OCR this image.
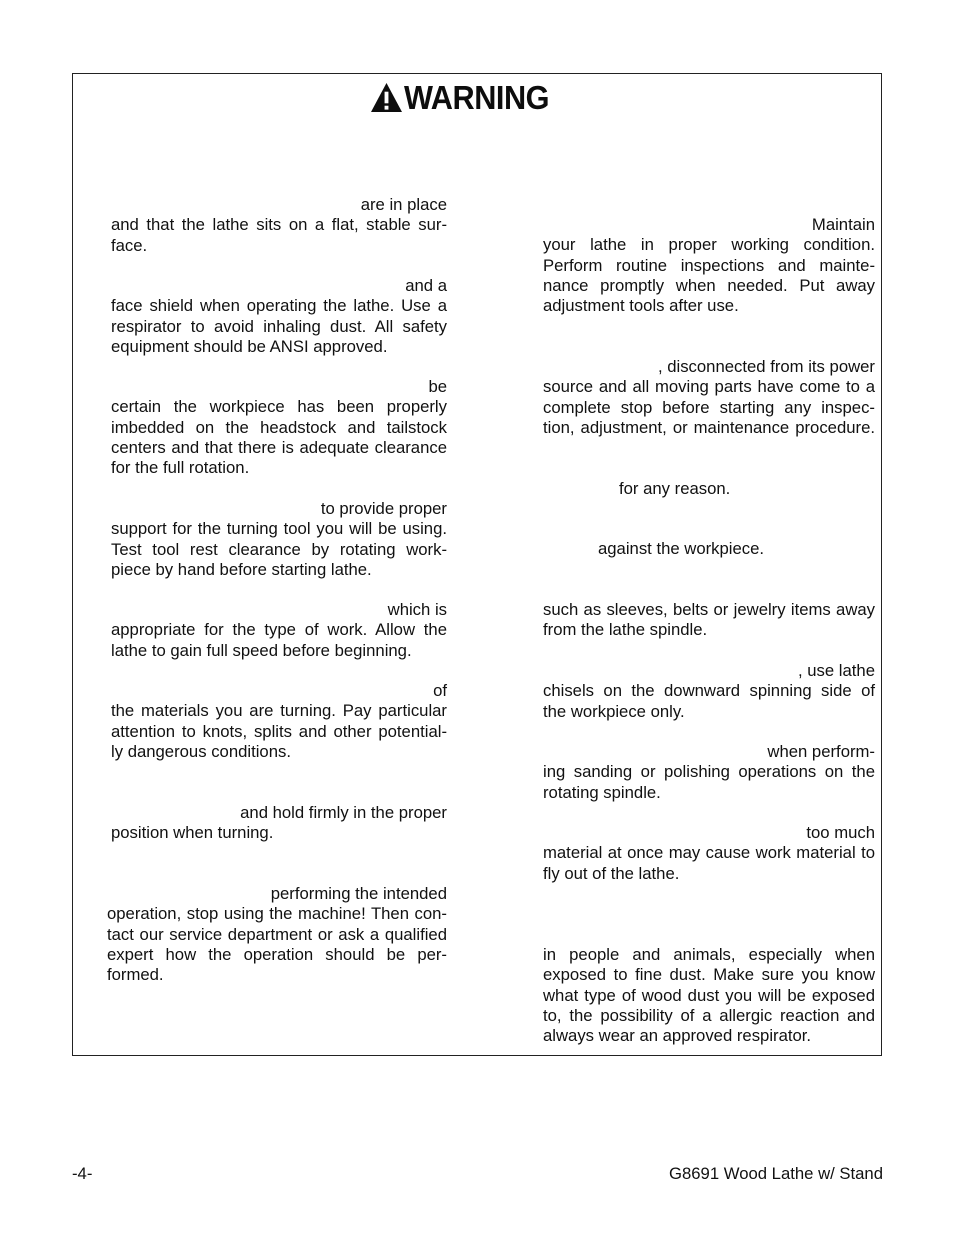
WARNING
are in place
and that the lathe sits on a flat, stable sur-
face.
and a
face shield when operating the lathe. Use a
respirator to avoid inhaling dust. All safety
equipment should be ANSI approved.
be
certain the workpiece has been properly
imbedded on the headstock and tailstock
centers and that there is adequate clearance
for the full rotation.
to provide proper
support for the turning tool you will be using.
Test tool rest clearance by rotating work-
piece by hand before starting lathe.
which is
appropriate for the type of work. Allow the
lathe to gain full speed before beginning.
of
the materials you are turning. Pay particular
attention to knots, splits and other potential-
ly dangerous conditions.
and hold firmly in the proper
position when turning.
performing the intended
operation, stop using the machine! Then con-
tact our service department or ask a qualified
expert how the operation should be per-
formed.
Maintain
your lathe in proper working condition.
Perform routine inspections and mainte-
nance promptly when needed. Put away
adjustment tools after use.
, disconnected from its power
source and all moving parts have come to a
complete stop before starting any inspec-
tion, adjustment, or maintenance procedure.
for any reason.
against the workpiece.
such as sleeves, belts or jewelry items away
from the lathe spindle.
, use lathe
chisels on the downward spinning side of
the workpiece only.
when perform-
ing sanding or polishing operations on the
rotating spindle.
too much
material at once may cause work material to
fly out of the lathe.
in people and animals, especially when
exposed to fine dust. Make sure you know
what type of wood dust you will be exposed
to, the possibility of a allergic reaction and
always wear an approved respirator.
-4-	G8691 Wood Lathe w/ Stand
